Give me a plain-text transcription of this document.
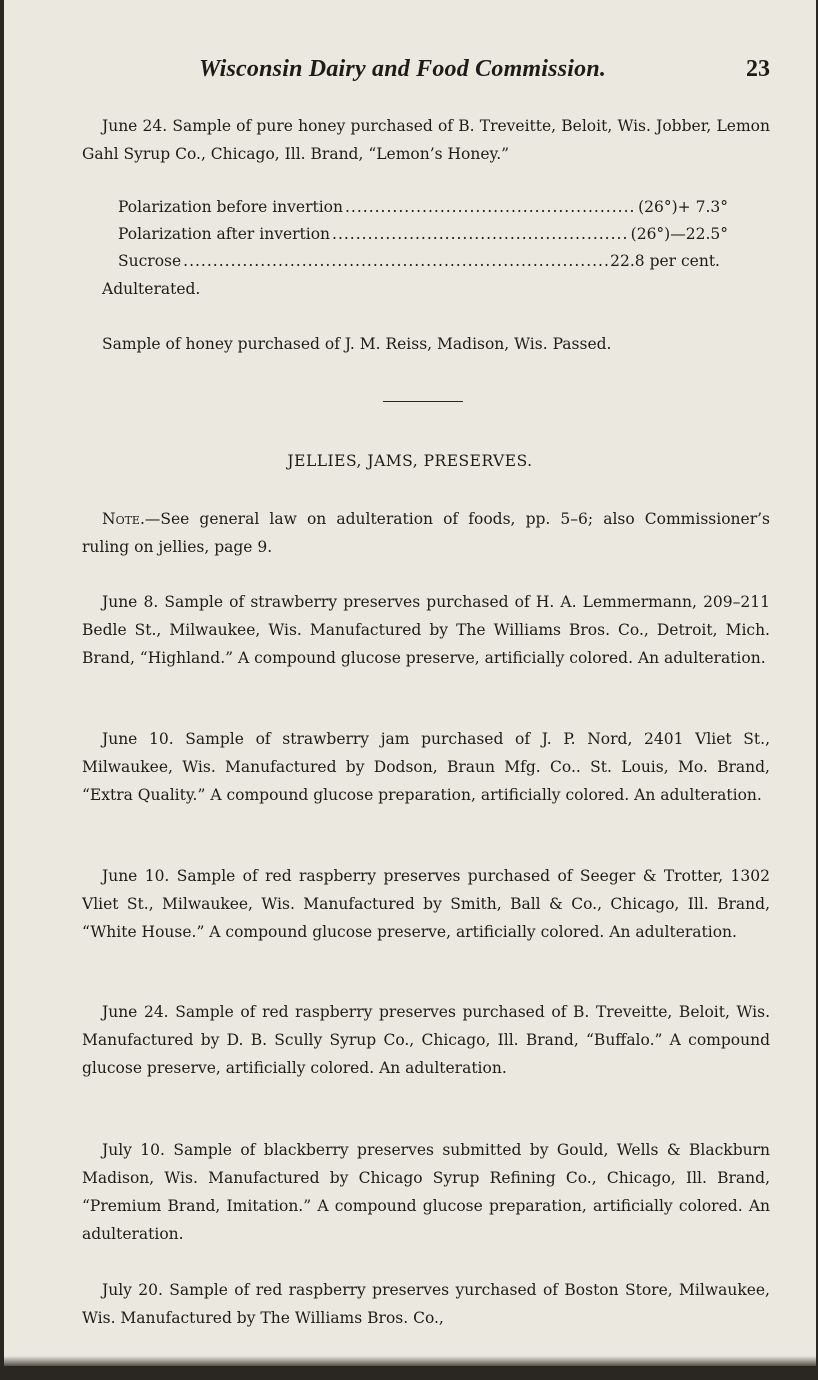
Wisconsin Dairy and Food Commission.	23

June 24. Sample of pure honey purchased of B. Treveitte, Beloit, Wis. Jobber, Lemon Gahl Syrup Co., Chicago, Ill. Brand, “Lemon’s Honey.”

Polarization before invertion .....	(26°)+ 7.3°
Polarization after invertion .....	(26°)—22.5°
Sucrose .....	22.8 per cent.
Adulterated.

Sample of honey purchased of J. M. Reiss, Madison, Wis. Passed.

JELLIES, JAMS, PRESERVES.

Note.—See general law on adulteration of foods, pp. 5–6; also Commissioner’s ruling on jellies, page 9.

June 8. Sample of strawberry preserves purchased of H. A. Lemmermann, 209–211 Bedle St., Milwaukee, Wis. Manufactured by The Williams Bros. Co., Detroit, Mich. Brand, “Highland.” A compound glucose preserve, artificially colored. An adulteration.

June 10. Sample of strawberry jam purchased of J. P. Nord, 2401 Vliet St., Milwaukee, Wis. Manufactured by Dodson, Braun Mfg. Co.. St. Louis, Mo. Brand, “Extra Quality.” A compound glucose preparation, artificially colored. An adulteration.

June 10. Sample of red raspberry preserves purchased of Seeger & Trotter, 1302 Vliet St., Milwaukee, Wis. Manufactured by Smith, Ball & Co., Chicago, Ill. Brand, “White House.” A compound glucose preserve, artificially colored. An adulteration.

June 24. Sample of red raspberry preserves purchased of B. Treveitte, Beloit, Wis. Manufactured by D. B. Scully Syrup Co., Chicago, Ill. Brand, “Buffalo.” A compound glucose preserve, artificially colored. An adulteration.

July 10. Sample of blackberry preserves submitted by Gould, Wells & Blackburn Madison, Wis. Manufactured by Chicago Syrup Refining Co., Chicago, Ill. Brand, “Premium Brand, Imitation.” A compound glucose preparation, artificially colored. An adulteration.

July 20. Sample of red raspberry preserves yurchased of Boston Store, Milwaukee, Wis. Manufactured by The Williams Bros. Co.,
